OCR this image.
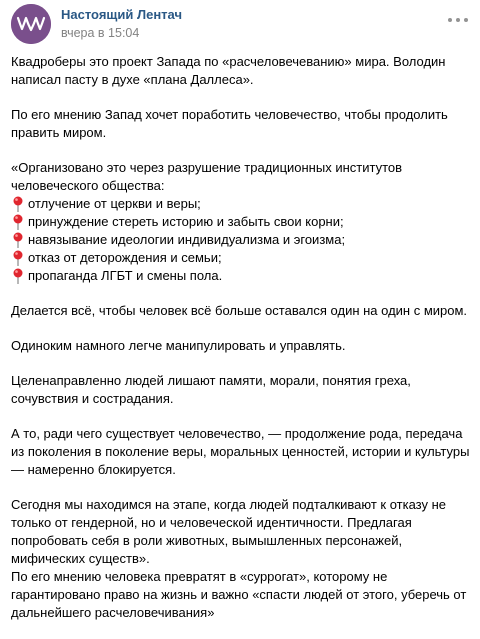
Настоящий Лентач
вчера в 15:04

Квадроберы это проект Запада по «расчеловечеванию» мира. Володин написал пасту в духе «плана Даллеса».

По его мнению Запад хочет поработить человечество, чтобы продолить править миром.

«Организовано это через разрушение традиционных институтов человеческого общества:
отлучение от церкви и веры;
принуждение стереть историю и забыть свои корни;
навязывание идеологии индивидуализма и эгоизма;
отказ от деторождения и семьи;
пропаганда ЛГБТ и смены пола.

Делается всё, чтобы человек всё больше оставался один на один с миром.

Одиноким намного легче манипулировать и управлять.

Целенаправленно людей лишают памяти, морали, понятия греха, сочувствия и сострадания.

А то, ради чего существует человечество, — продолжение рода, передача из поколения в поколение веры, моральных ценностей, истории и культуры — намеренно блокируется.

Сегодня мы находимся на этапе, когда людей подталкивают к отказу не только от гендерной, но и человеческой идентичности. Предлагая попробовать себя в роли животных, вымышленных персонажей, мифических существ».

По его мнению человека превратят в «суррогат», которому не гарантировано право на жизнь и важно «спасти людей от этого, уберечь от дальнейшего расчеловечивания»
